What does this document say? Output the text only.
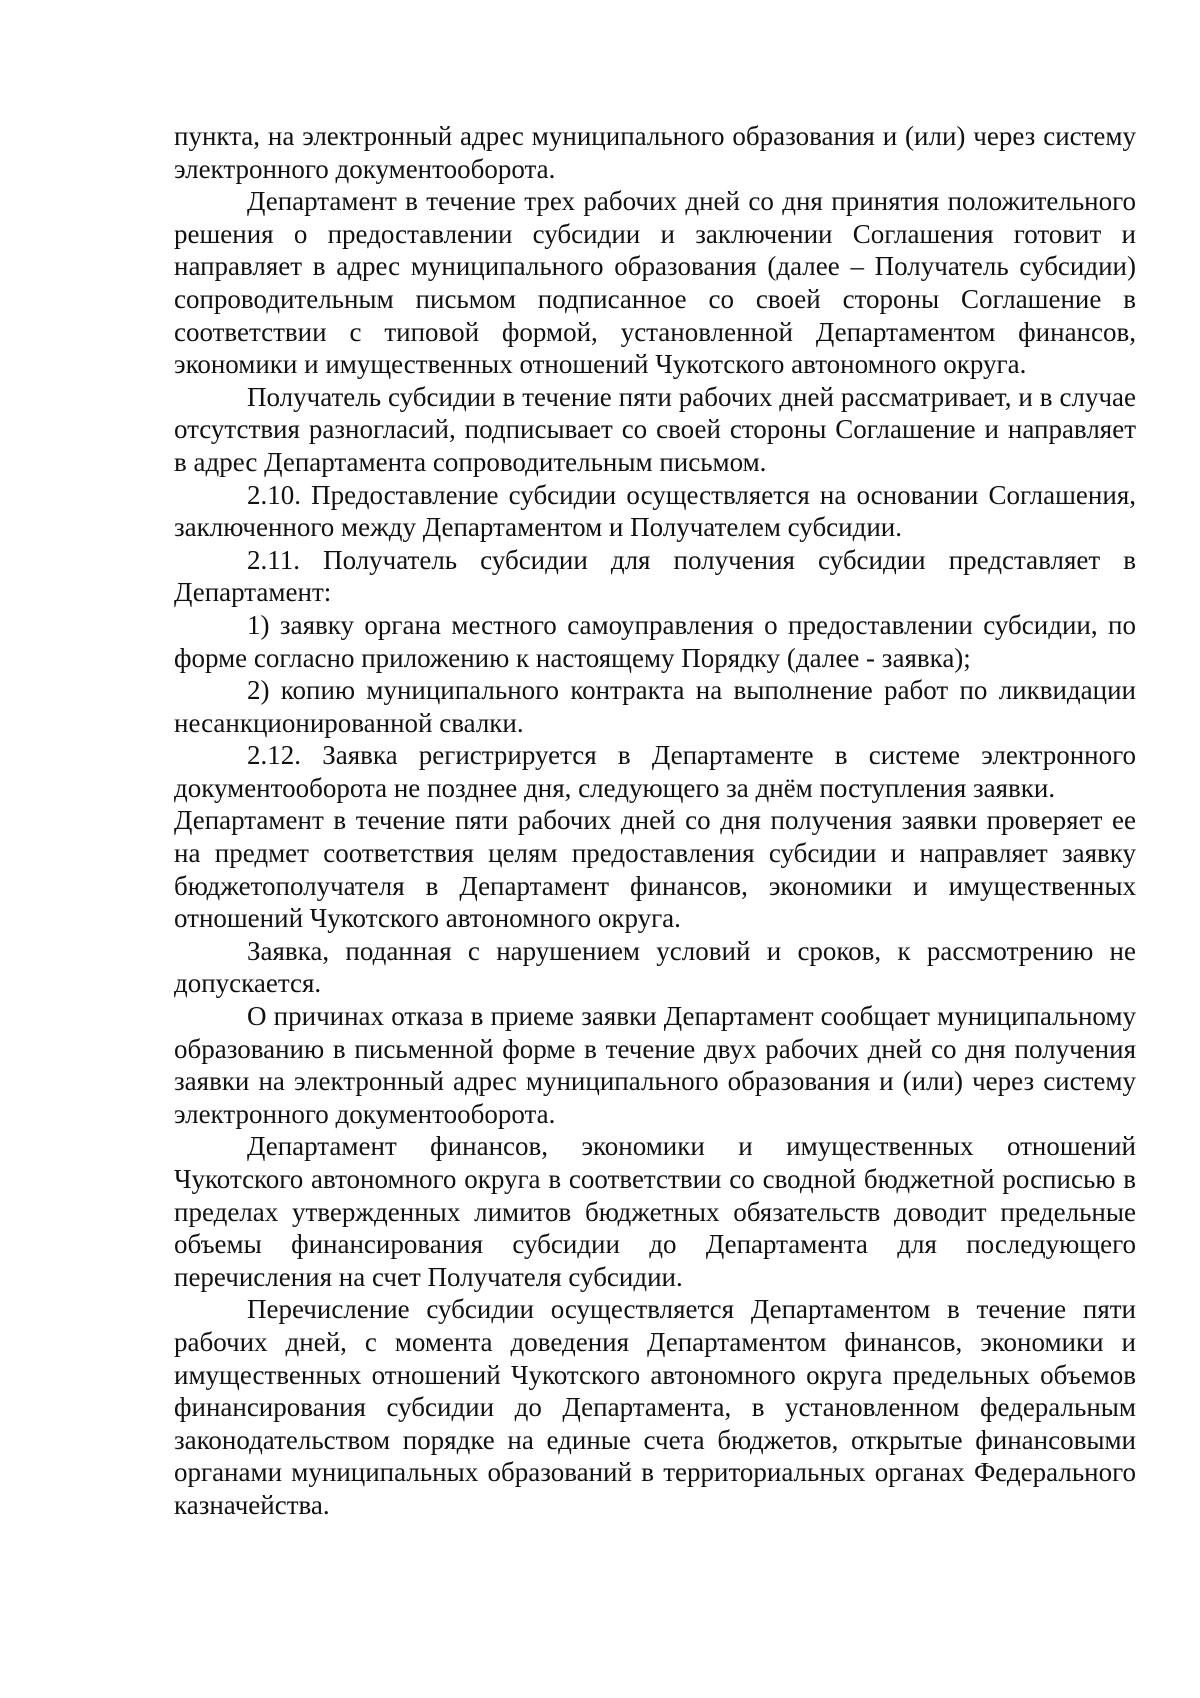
пункта, на электронный адрес муниципального образования и (или) через систему электронного документооборота.

Департамент в течение трех рабочих дней со дня принятия положительного решения о предоставлении субсидии и заключении Соглашения готовит и направляет в адрес муниципального образования (далее – Получатель субсидии) сопроводительным письмом подписанное со своей стороны Соглашение в соответствии с типовой формой, установленной Департаментом финансов, экономики и имущественных отношений Чукотского автономного округа.

Получатель субсидии в течение пяти рабочих дней рассматривает, и в случае отсутствия разногласий, подписывает со своей стороны Соглашение и направляет в адрес Департамента сопроводительным письмом.

2.10. Предоставление субсидии осуществляется на основании Соглашения, заключенного между Департаментом и Получателем субсидии.

2.11. Получатель субсидии для получения субсидии представляет в Департамент:

1) заявку органа местного самоуправления о предоставлении субсидии, по форме согласно приложению к настоящему Порядку (далее - заявка);

2) копию муниципального контракта на выполнение работ по ликвидации несанкционированной свалки.

2.12. Заявка регистрируется в Департаменте в системе электронного документооборота не позднее дня, следующего за днём поступления заявки.

Департамент в течение пяти рабочих дней со дня получения заявки проверяет ее на предмет соответствия целям предоставления субсидии и направляет заявку бюджетополучателя в Департамент финансов, экономики и имущественных отношений Чукотского автономного округа.

Заявка, поданная с нарушением условий и сроков, к рассмотрению не допускается.

О причинах отказа в приеме заявки Департамент сообщает муниципальному образованию в письменной форме в течение двух рабочих дней со дня получения заявки на электронный адрес муниципального образования и (или) через систему электронного документооборота.

Департамент финансов, экономики и имущественных отношений Чукотского автономного округа в соответствии со сводной бюджетной росписью в пределах утвержденных лимитов бюджетных обязательств доводит предельные объемы финансирования субсидии до Департамента для последующего перечисления на счет Получателя субсидии.

Перечисление субсидии осуществляется Департаментом в течение пяти рабочих дней, с момента доведения Департаментом финансов, экономики и имущественных отношений Чукотского автономного округа предельных объемов финансирования субсидии до Департамента, в установленном федеральным законодательством порядке на единые счета бюджетов, открытые финансовыми органами муниципальных образований в территориальных органах Федерального казначейства.
